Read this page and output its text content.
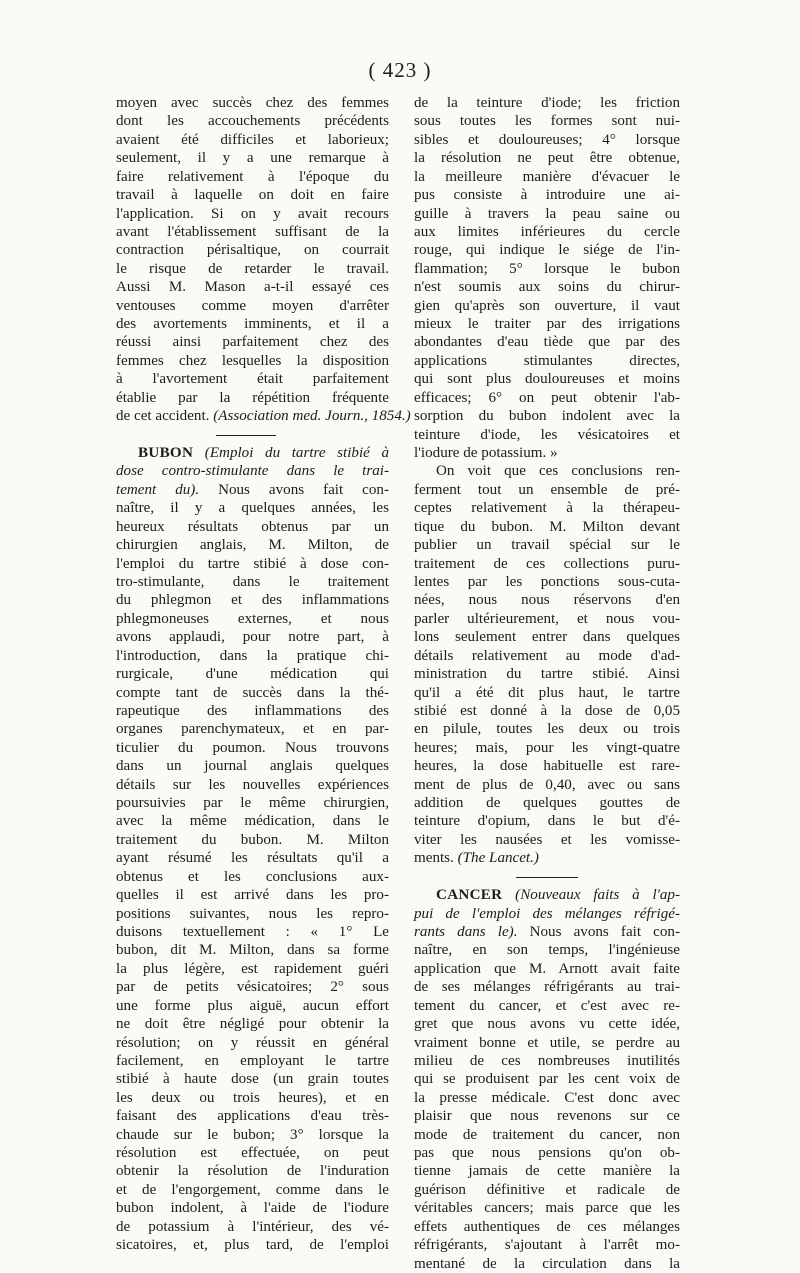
( 423 )
moyen avec succès chez des femmes
dont les accouchements précédents
avaient été difficiles et laborieux;
seulement, il y a une remarque à
faire relativement à l'époque du
travail à laquelle on doit en faire
l'application. Si on y avait recours
avant l'établissement suffisant de la
contraction périsaltique, on courrait
le risque de retarder le travail.
Aussi M. Mason a-t-il essayé ces
ventouses comme moyen d'arrêter
des avortements imminents, et il a
réussi ainsi parfaitement chez des
femmes chez lesquelles la disposition
à l'avortement était parfaitement
établie par la répétition fréquente
de cet accident. (Association med. Journ., 1854.)
BUBON (Emploi du tartre stibié à
dose contro-stimulante dans le trai-
tement du). Nous avons fait con-
naître, il y a quelques années, les
heureux résultats obtenus par un
chirurgien anglais, M. Milton, de
l'emploi du tartre stibié à dose con-
tro-stimulante, dans le traitement
du phlegmon et des inflammations
phlegmoneuses externes, et nous
avons applaudi, pour notre part, à
l'introduction, dans la pratique chi-
rurgicale, d'une médication qui
compte tant de succès dans la thé-
rapeutique des inflammations des
organes parenchymateux, et en par-
ticulier du poumon. Nous trouvons
dans un journal anglais quelques
détails sur les nouvelles expériences
poursuivies par le même chirurgien,
avec la même médication, dans le
traitement du bubon. M. Milton
ayant résumé les résultats qu'il a
obtenus et les conclusions aux-
quelles il est arrivé dans les pro-
positions suivantes, nous les repro-
duisons textuellement : « 1° Le
bubon, dit M. Milton, dans sa forme
la plus légère, est rapidement guéri
par de petits vésicatoires; 2° sous
une forme plus aiguë, aucun effort
ne doit être négligé pour obtenir la
résolution; on y réussit en général
facilement, en employant le tartre
stibié à haute dose (un grain toutes
les deux ou trois heures), et en
faisant des applications d'eau très-
chaude sur le bubon; 3° lorsque la
résolution est effectuée, on peut
obtenir la résolution de l'induration
et de l'engorgement, comme dans le
bubon indolent, à l'aide de l'iodure
de potassium à l'intérieur, des vé-
sicatoires, et, plus tard, de l'emploi
de la teinture d'iode; les friction
sous toutes les formes sont nui-
sibles et douloureuses; 4° lorsque
la résolution ne peut être obtenue,
la meilleure manière d'évacuer le
pus consiste à introduire une ai-
guille à travers la peau saine ou
aux limites inférieures du cercle
rouge, qui indique le siége de l'in-
flammation; 5° lorsque le bubon
n'est soumis aux soins du chirur-
gien qu'après son ouverture, il vaut
mieux le traiter par des irrigations
abondantes d'eau tiède que par des
applications stimulantes directes,
qui sont plus douloureuses et moins
efficaces; 6° on peut obtenir l'ab-
sorption du bubon indolent avec la
teinture d'iode, les vésicatoires et
l'iodure de potassium. »
On voit que ces conclusions ren-
ferment tout un ensemble de pré-
ceptes relativement à la thérapeu-
tique du bubon. M. Milton devant
publier un travail spécial sur le
traitement de ces collections puru-
lentes par les ponctions sous-cuta-
nées, nous nous réservons d'en
parler ultérieurement, et nous vou-
lons seulement entrer dans quelques
détails relativement au mode d'ad-
ministration du tartre stibié. Ainsi
qu'il a été dit plus haut, le tartre
stibié est donné à la dose de 0,05
en pilule, toutes les deux ou trois
heures; mais, pour les vingt-quatre
heures, la dose habituelle est rare-
ment de plus de 0,40, avec ou sans
addition de quelques gouttes de
teinture d'opium, dans le but d'é-
viter les nausées et les vomisse-
ments. (The Lancet.)
CANCER (Nouveaux faits à l'ap-
pui de l'emploi des mélanges réfrigé-
rants dans le). Nous avons fait con-
naître, en son temps, l'ingénieuse
application que M. Arnott avait faite
de ses mélanges réfrigérants au trai-
tement du cancer, et c'est avec re-
gret que nous avons vu cette idée,
vraiment bonne et utile, se perdre au
milieu de ces nombreuses inutilités
qui se produisent par les cent voix de
la presse médicale. C'est donc avec
plaisir que nous revenons sur ce
mode de traitement du cancer, non
pas que nous pensions qu'on ob-
tienne jamais de cette manière la
guérison définitive et radicale de
véritables cancers; mais parce que les
effets authentiques de ces mélanges
réfrigérants, s'ajoutant à l'arrêt mo-
mentané de la circulation dans la
